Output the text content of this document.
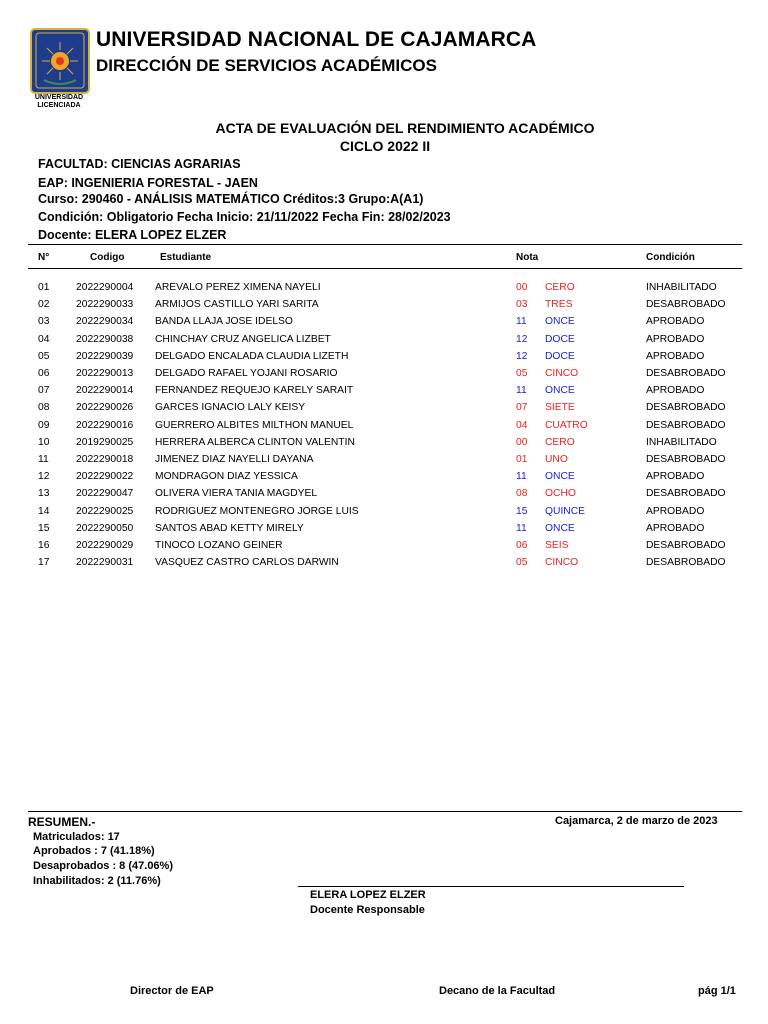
UNIVERSIDAD
LICENCIADA
UNIVERSIDAD NACIONAL DE CAJAMARCA
DIRECCIÓN DE SERVICIOS ACADÉMICOS
ACTA DE EVALUACIÓN DEL RENDIMIENTO ACADÉMICO
CICLO 2022 II
FACULTAD: CIENCIAS AGRARIAS
EAP: INGENIERIA FORESTAL - JAEN
Curso: 290460 - ANÁLISIS MATEMÁTICO Créditos:3 Grupo:A(A1)
Condición: Obligatorio Fecha Inicio: 21/11/2022 Fecha Fin: 28/02/2023
Docente: ELERA LOPEZ ELZER
N°	Codigo	Estudiante	Nota	Condición
01	2022290004 AREVALO PEREZ XIMENA NAYELI	00 CERO	INHABILITADO
02	2022290033 ARMIJOS CASTILLO YARI SARITA	03 TRES	DESABROBADO
03	2022290034 BANDA LLAJA JOSE IDELSO	11 ONCE	APROBADO
04	2022290038 CHINCHAY CRUZ ANGELICA LIZBET	12 DOCE	APROBADO
05	2022290039 DELGADO ENCALADA CLAUDIA LIZETH	12 DOCE	APROBADO
06	2022290013 DELGADO RAFAEL YOJANI ROSARIO	05 CINCO	DESABROBADO
07	2022290014 FERNANDEZ REQUEJO KARELY SARAIT	11 ONCE	APROBADO
08	2022290026 GARCES IGNACIO LALY KEISY	07 SIETE	DESABROBADO
09	2022290016 GUERRERO ALBITES MILTHON MANUEL	04 CUATRO	DESABROBADO
10	2019290025 HERRERA ALBERCA CLINTON VALENTIN	00 CERO	INHABILITADO
11	2022290018 JIMENEZ DIAZ NAYELLI DAYANA	01 UNO	DESABROBADO
12	2022290022 MONDRAGON DIAZ YESSICA	11 ONCE	APROBADO
13	2022290047 OLIVERA VIERA TANIA MAGDYEL	08 OCHO	DESABROBADO
14	2022290025 RODRIGUEZ MONTENEGRO JORGE LUIS	15 QUINCE	APROBADO
15	2022290050 SANTOS ABAD KETTY MIRELY	11 ONCE	APROBADO
16	2022290029 TINOCO LOZANO GEINER	06 SEIS	DESABROBADO
17	2022290031 VASQUEZ CASTRO CARLOS DARWIN	05 CINCO	DESABROBADO
RESUMEN.-
Matriculados: 17
Aprobados : 7 (41.18%)
Desaprobados : 8 (47.06%)
Inhabilitados: 2 (11.76%)
Cajamarca, 2 de marzo de 2023
ELERA LOPEZ ELZER
Docente Responsable
Director de EAP	Decano de la Facultad	pág 1/1
